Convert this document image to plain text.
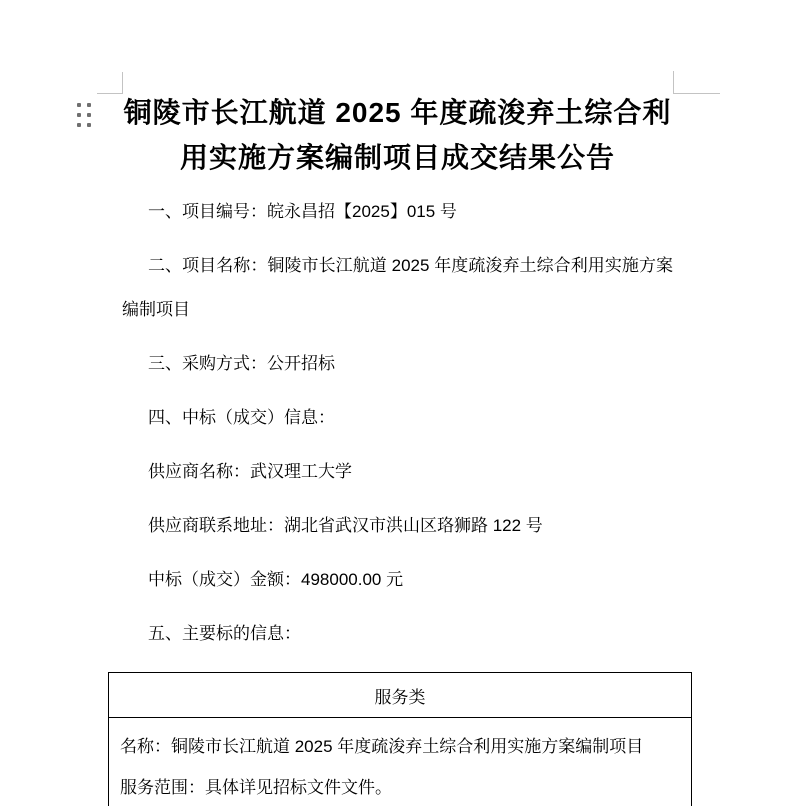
铜陵市长江航道 2025 年度疏浚弃土综合利用实施方案编制项目成交结果公告

一、项目编号：皖永昌招【2025】015 号

二、项目名称：铜陵市长江航道 2025 年度疏浚弃土综合利用实施方案编制项目

三、采购方式：公开招标

四、中标（成交）信息：

供应商名称：武汉理工大学

供应商联系地址：湖北省武汉市洪山区珞狮路 122 号

中标（成交）金额：498000.00 元

五、主要标的信息：

服务类

名称：铜陵市长江航道 2025 年度疏浚弃土综合利用实施方案编制项目
服务范围：具体详见招标文件文件。
